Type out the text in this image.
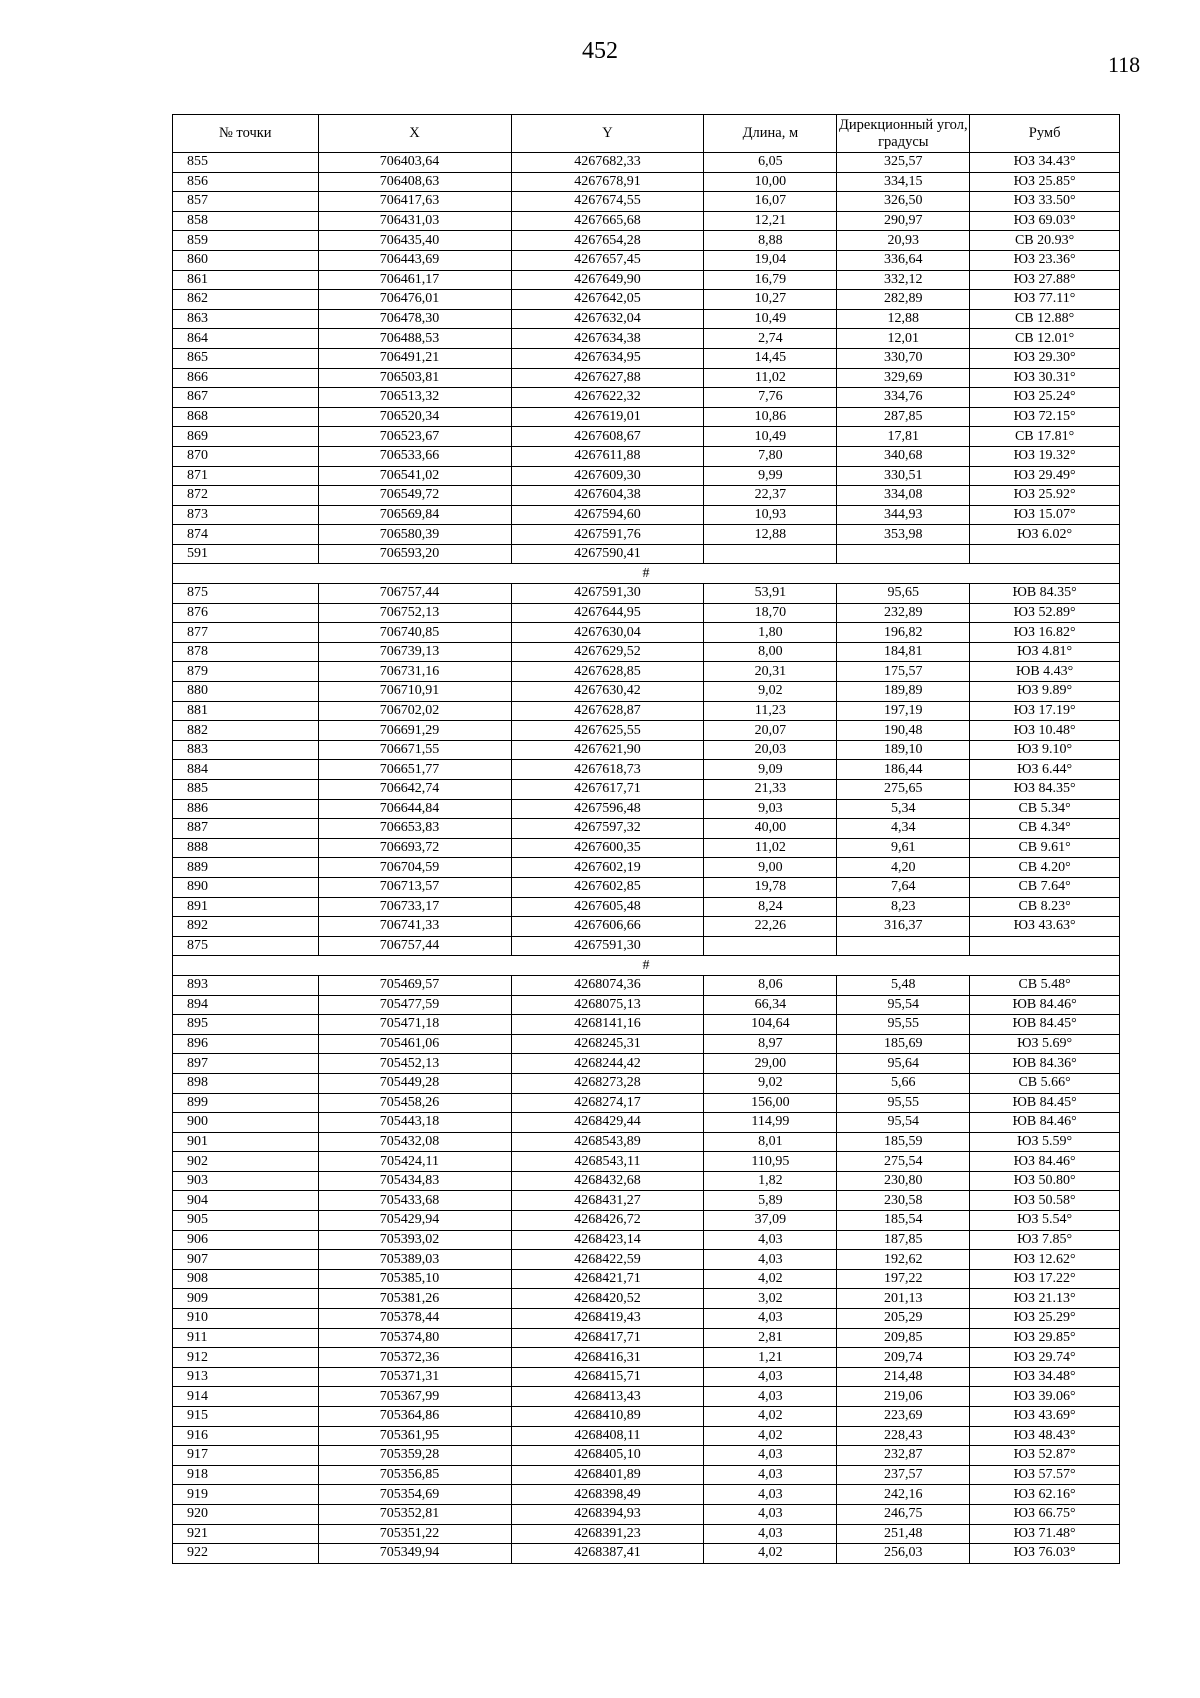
452
118
№ точки	X	Y	Длина, м	Дирекционный угол, градусы	Румб
855	706403,64	4267682,33	6,05	325,57	ЮЗ 34.43°
856	706408,63	4267678,91	10,00	334,15	ЮЗ 25.85°
857	706417,63	4267674,55	16,07	326,50	ЮЗ 33.50°
858	706431,03	4267665,68	12,21	290,97	ЮЗ 69.03°
859	706435,40	4267654,28	8,88	20,93	СВ 20.93°
860	706443,69	4267657,45	19,04	336,64	ЮЗ 23.36°
861	706461,17	4267649,90	16,79	332,12	ЮЗ 27.88°
862	706476,01	4267642,05	10,27	282,89	ЮЗ 77.11°
863	706478,30	4267632,04	10,49	12,88	СВ 12.88°
864	706488,53	4267634,38	2,74	12,01	СВ 12.01°
865	706491,21	4267634,95	14,45	330,70	ЮЗ 29.30°
866	706503,81	4267627,88	11,02	329,69	ЮЗ 30.31°
867	706513,32	4267622,32	7,76	334,76	ЮЗ 25.24°
868	706520,34	4267619,01	10,86	287,85	ЮЗ 72.15°
869	706523,67	4267608,67	10,49	17,81	СВ 17.81°
870	706533,66	4267611,88	7,80	340,68	ЮЗ 19.32°
871	706541,02	4267609,30	9,99	330,51	ЮЗ 29.49°
872	706549,72	4267604,38	22,37	334,08	ЮЗ 25.92°
873	706569,84	4267594,60	10,93	344,93	ЮЗ 15.07°
874	706580,39	4267591,76	12,88	353,98	ЮЗ 6.02°
591	706593,20	4267590,41			
#					
875	706757,44	4267591,30	53,91	95,65	ЮВ 84.35°
876	706752,13	4267644,95	18,70	232,89	ЮЗ 52.89°
877	706740,85	4267630,04	1,80	196,82	ЮЗ 16.82°
878	706739,13	4267629,52	8,00	184,81	ЮЗ 4.81°
879	706731,16	4267628,85	20,31	175,57	ЮВ 4.43°
880	706710,91	4267630,42	9,02	189,89	ЮЗ 9.89°
881	706702,02	4267628,87	11,23	197,19	ЮЗ 17.19°
882	706691,29	4267625,55	20,07	190,48	ЮЗ 10.48°
883	706671,55	4267621,90	20,03	189,10	ЮЗ 9.10°
884	706651,77	4267618,73	9,09	186,44	ЮЗ 6.44°
885	706642,74	4267617,71	21,33	275,65	ЮЗ 84.35°
886	706644,84	4267596,48	9,03	5,34	СВ 5.34°
887	706653,83	4267597,32	40,00	4,34	СВ 4.34°
888	706693,72	4267600,35	11,02	9,61	СВ 9.61°
889	706704,59	4267602,19	9,00	4,20	СВ 4.20°
890	706713,57	4267602,85	19,78	7,64	СВ 7.64°
891	706733,17	4267605,48	8,24	8,23	СВ 8.23°
892	706741,33	4267606,66	22,26	316,37	ЮЗ 43.63°
875	706757,44	4267591,30			
#					
893	705469,57	4268074,36	8,06	5,48	СВ 5.48°
894	705477,59	4268075,13	66,34	95,54	ЮВ 84.46°
895	705471,18	4268141,16	104,64	95,55	ЮВ 84.45°
896	705461,06	4268245,31	8,97	185,69	ЮЗ 5.69°
897	705452,13	4268244,42	29,00	95,64	ЮВ 84.36°
898	705449,28	4268273,28	9,02	5,66	СВ 5.66°
899	705458,26	4268274,17	156,00	95,55	ЮВ 84.45°
900	705443,18	4268429,44	114,99	95,54	ЮВ 84.46°
901	705432,08	4268543,89	8,01	185,59	ЮЗ 5.59°
902	705424,11	4268543,11	110,95	275,54	ЮЗ 84.46°
903	705434,83	4268432,68	1,82	230,80	ЮЗ 50.80°
904	705433,68	4268431,27	5,89	230,58	ЮЗ 50.58°
905	705429,94	4268426,72	37,09	185,54	ЮЗ 5.54°
906	705393,02	4268423,14	4,03	187,85	ЮЗ 7.85°
907	705389,03	4268422,59	4,03	192,62	ЮЗ 12.62°
908	705385,10	4268421,71	4,02	197,22	ЮЗ 17.22°
909	705381,26	4268420,52	3,02	201,13	ЮЗ 21.13°
910	705378,44	4268419,43	4,03	205,29	ЮЗ 25.29°
911	705374,80	4268417,71	2,81	209,85	ЮЗ 29.85°
912	705372,36	4268416,31	1,21	209,74	ЮЗ 29.74°
913	705371,31	4268415,71	4,03	214,48	ЮЗ 34.48°
914	705367,99	4268413,43	4,03	219,06	ЮЗ 39.06°
915	705364,86	4268410,89	4,02	223,69	ЮЗ 43.69°
916	705361,95	4268408,11	4,02	228,43	ЮЗ 48.43°
917	705359,28	4268405,10	4,03	232,87	ЮЗ 52.87°
918	705356,85	4268401,89	4,03	237,57	ЮЗ 57.57°
919	705354,69	4268398,49	4,03	242,16	ЮЗ 62.16°
920	705352,81	4268394,93	4,03	246,75	ЮЗ 66.75°
921	705351,22	4268391,23	4,03	251,48	ЮЗ 71.48°
922	705349,94	4268387,41	4,02	256,03	ЮЗ 76.03°
